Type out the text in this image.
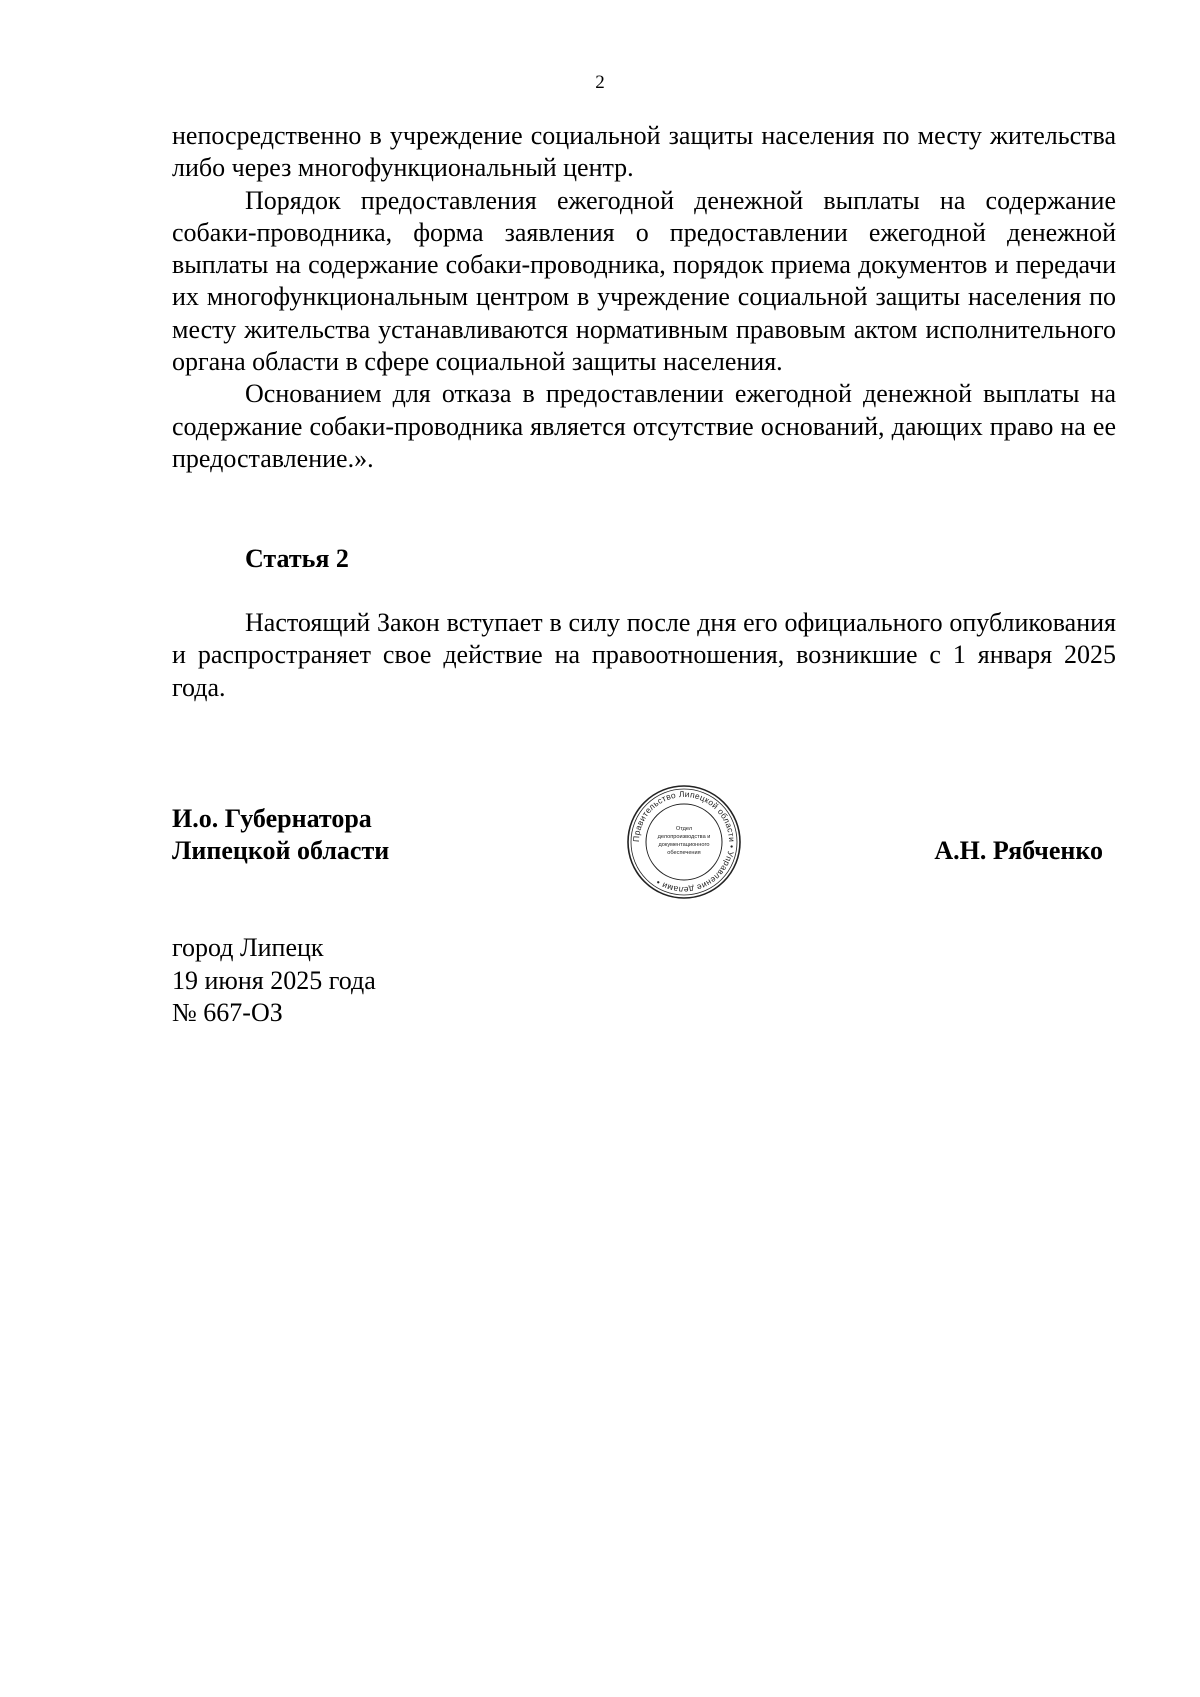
2

непосредственно в учреждение социальной защиты населения по месту жительства либо через многофункциональный центр.

Порядок предоставления ежегодной денежной выплаты на содержание собаки-проводника, форма заявления о предоставлении ежегодной денежной выплаты на содержание собаки-проводника, порядок приема документов и передачи их многофункциональным центром в учреждение социальной защиты населения по месту жительства устанавливаются нормативным правовым актом исполнительного органа области в сфере социальной защиты населения.

Основанием для отказа в предоставлении ежегодной денежной выплаты на содержание собаки-проводника является отсутствие оснований, дающих право на ее предоставление.».

Статья 2

Настоящий Закон вступает в силу после дня его официального опубликования и распространяет свое действие на правоотношения, возникшие с 1 января 2025 года.

И.о. Губернатора
Липецкой области	Правительство Липецкой области • Управление делами •
Отдел
делопроизводства и
документационного
обеспечения	А.Н. Рябченко
город Липецк
19 июня 2025 года
№ 667-ОЗ
